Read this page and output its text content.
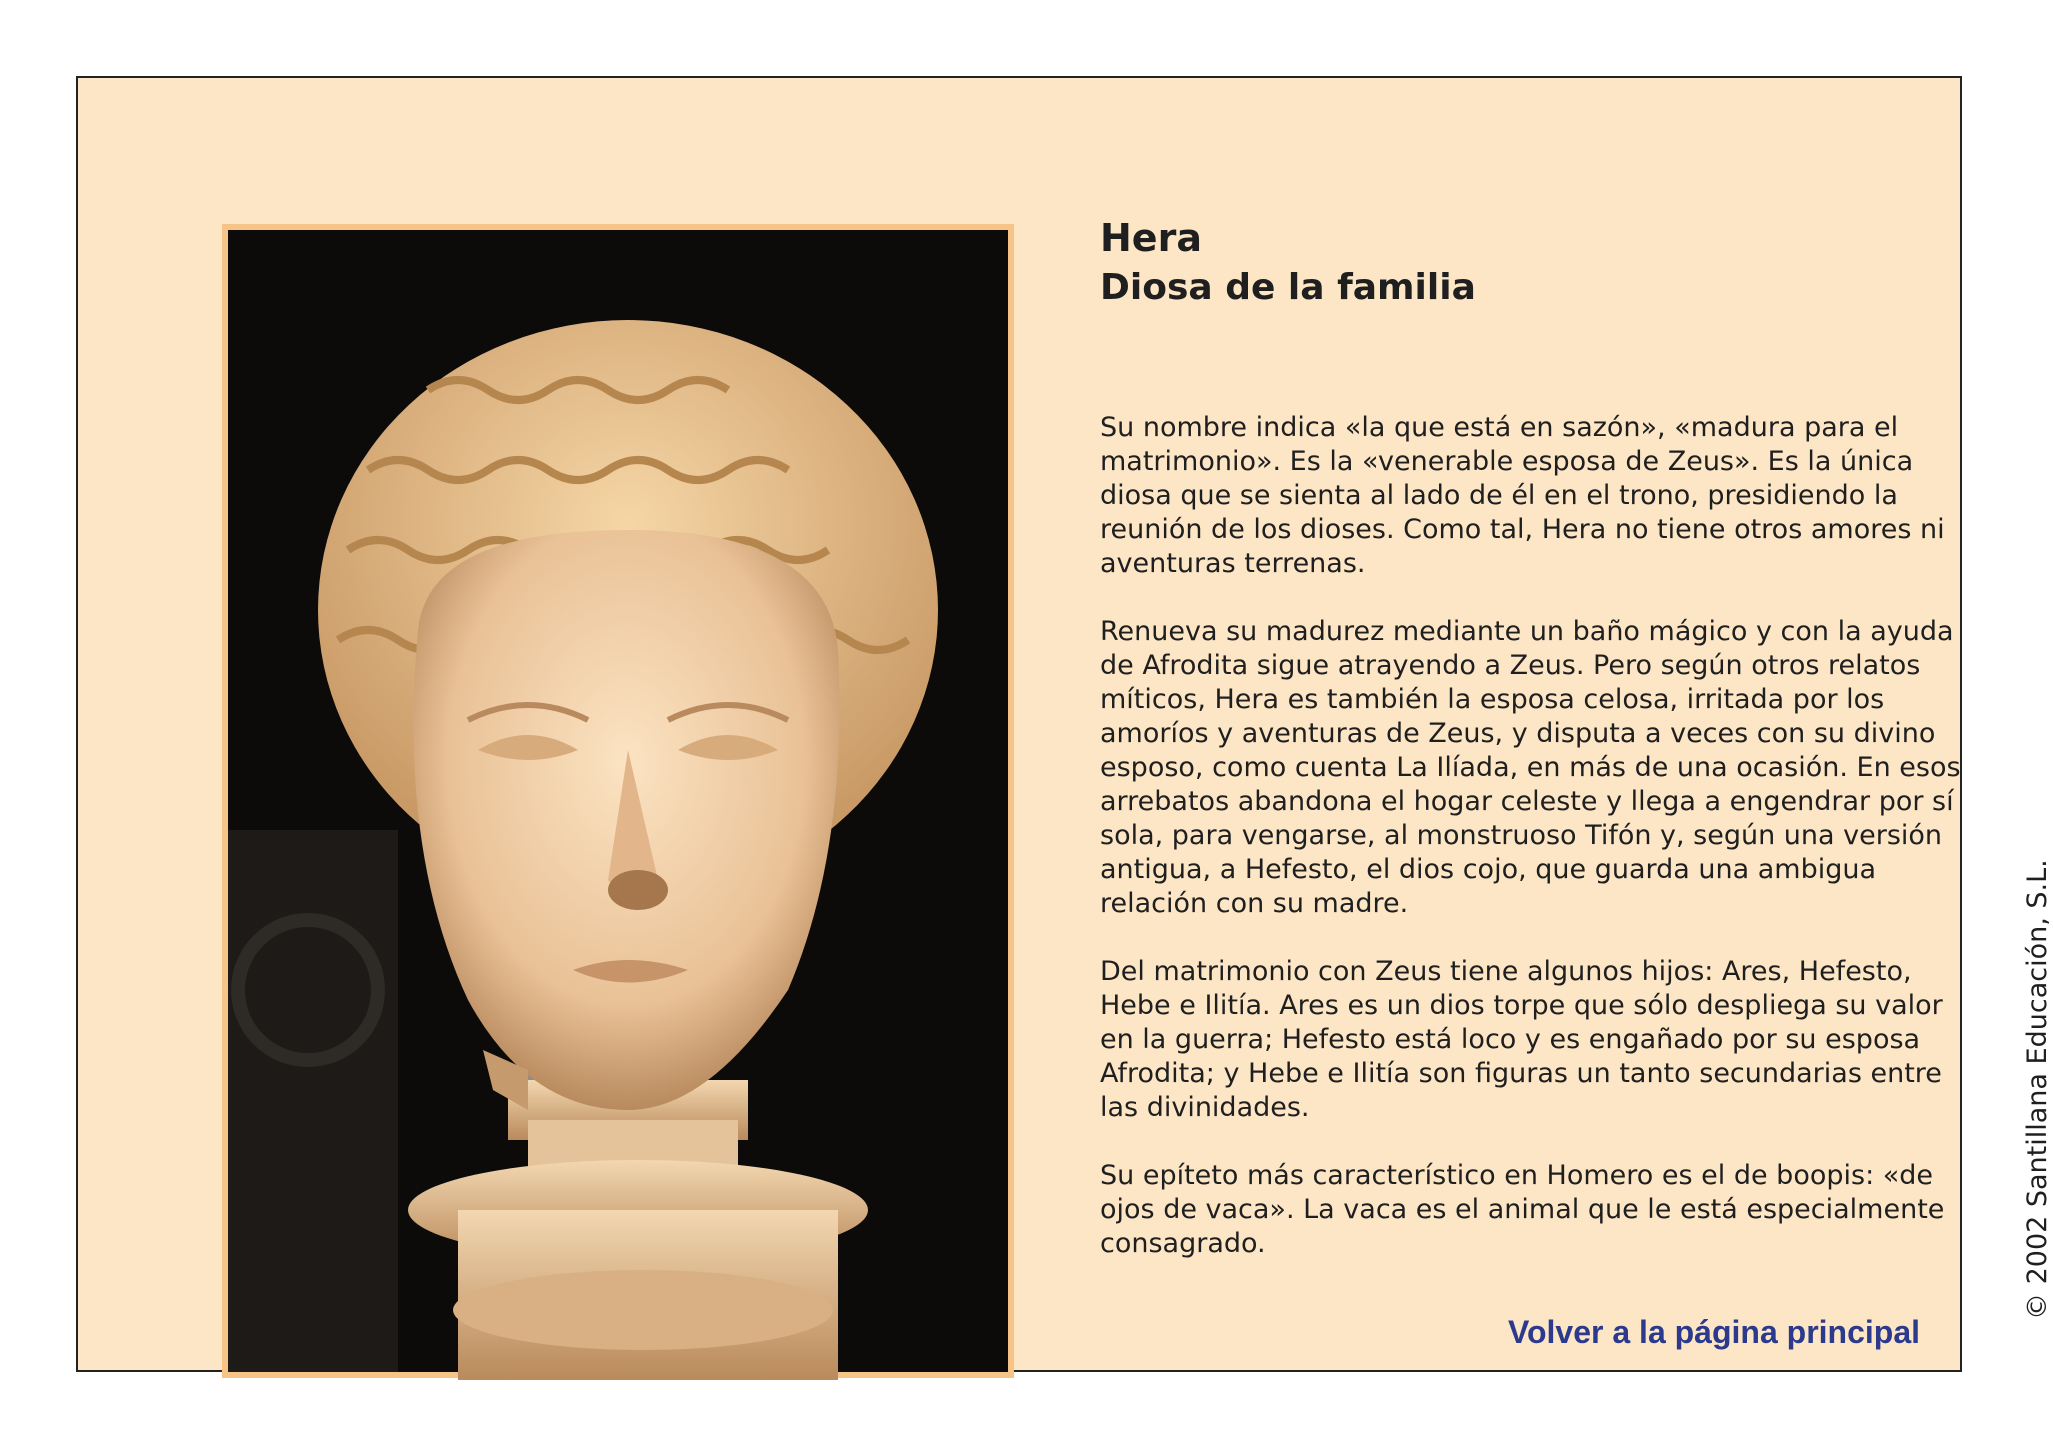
Hera
Diosa de la familia

Su nombre indica «la que está en sazón», «madura para el matrimonio». Es la «venerable esposa de Zeus». Es la única diosa que se sienta al lado de él en el trono, presidiendo la reunión de los dioses. Como tal, Hera no tiene otros amores ni aventuras terrenas.

Renueva su madurez mediante un baño mágico y con la ayuda de Afrodita sigue atrayendo a Zeus. Pero según otros relatos míticos, Hera es también la esposa celosa, irritada por los amoríos y aventuras de Zeus, y disputa a veces con su divino esposo, como cuenta La Ilíada, en más de una ocasión. En esos arrebatos abandona el hogar celeste y llega a engendrar por sí sola, para vengarse, al monstruoso Tifón y, según una versión antigua, a Hefesto, el dios cojo, que guarda una ambigua relación con su madre.

Del matrimonio con Zeus tiene algunos hijos: Ares, Hefesto, Hebe e Ilitía. Ares es un dios torpe que sólo despliega su valor en la guerra; Hefesto está loco y es engañado por su esposa Afrodita; y Hebe e Ilitía son figuras un tanto secundarias entre las divinidades.

Su epíteto más característico en Homero es el de boopis: «de ojos de vaca». La vaca es el animal que le está especialmente consagrado.

Volver a la página principal
© 2002 Santillana Educación, S.L.
